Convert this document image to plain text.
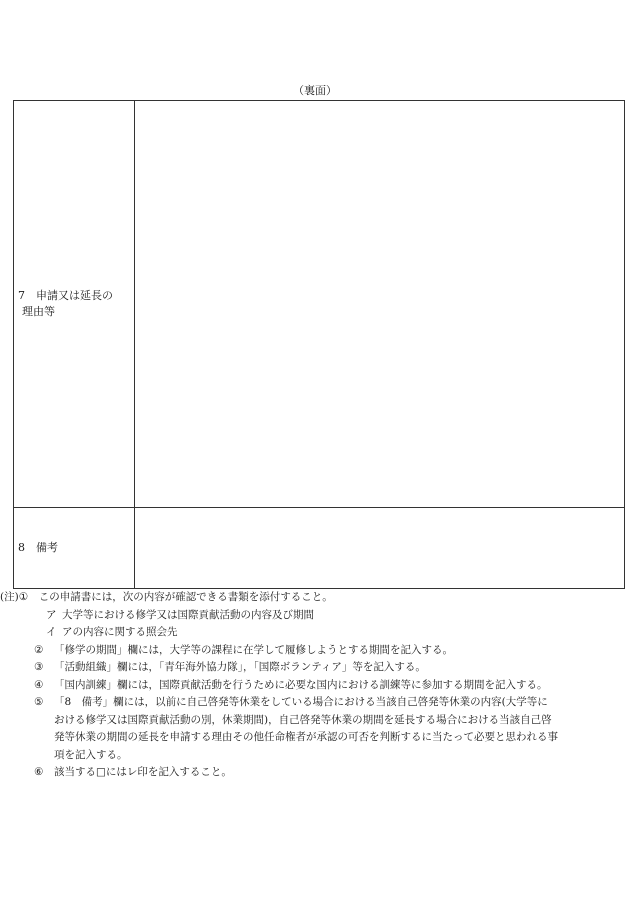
（裏面）
7　申請又は延長の
理由等	

8　備考	
(注)① この申請書には，次の内容が確認できる書類を添付すること。
ア 大学等における修学又は国際貢献活動の内容及び期間
イ アの内容に関する照会先
② 「修学の期間」欄には，大学等の課程に在学して履修しようとする期間を記入する。
③ 「活動組織」欄には，「青年海外協力隊」，「国際ボランティア」等を記入する。
④ 「国内訓練」欄には，国際貢献活動を行うために必要な国内における訓練等に参加する期間を記入する。
⑤ 「8　備考」欄には，以前に自己啓発等休業をしている場合における当該自己啓発等休業の内容(大学等に
おける修学又は国際貢献活動の別，休業期間)，自己啓発等休業の期間を延長する場合における当該自己啓
発等休業の期間の延長を申請する理由その他任命権者が承認の可否を判断するに当たって必要と思われる事
項を記入する。
⑥ 該当する□にはレ印を記入すること。
